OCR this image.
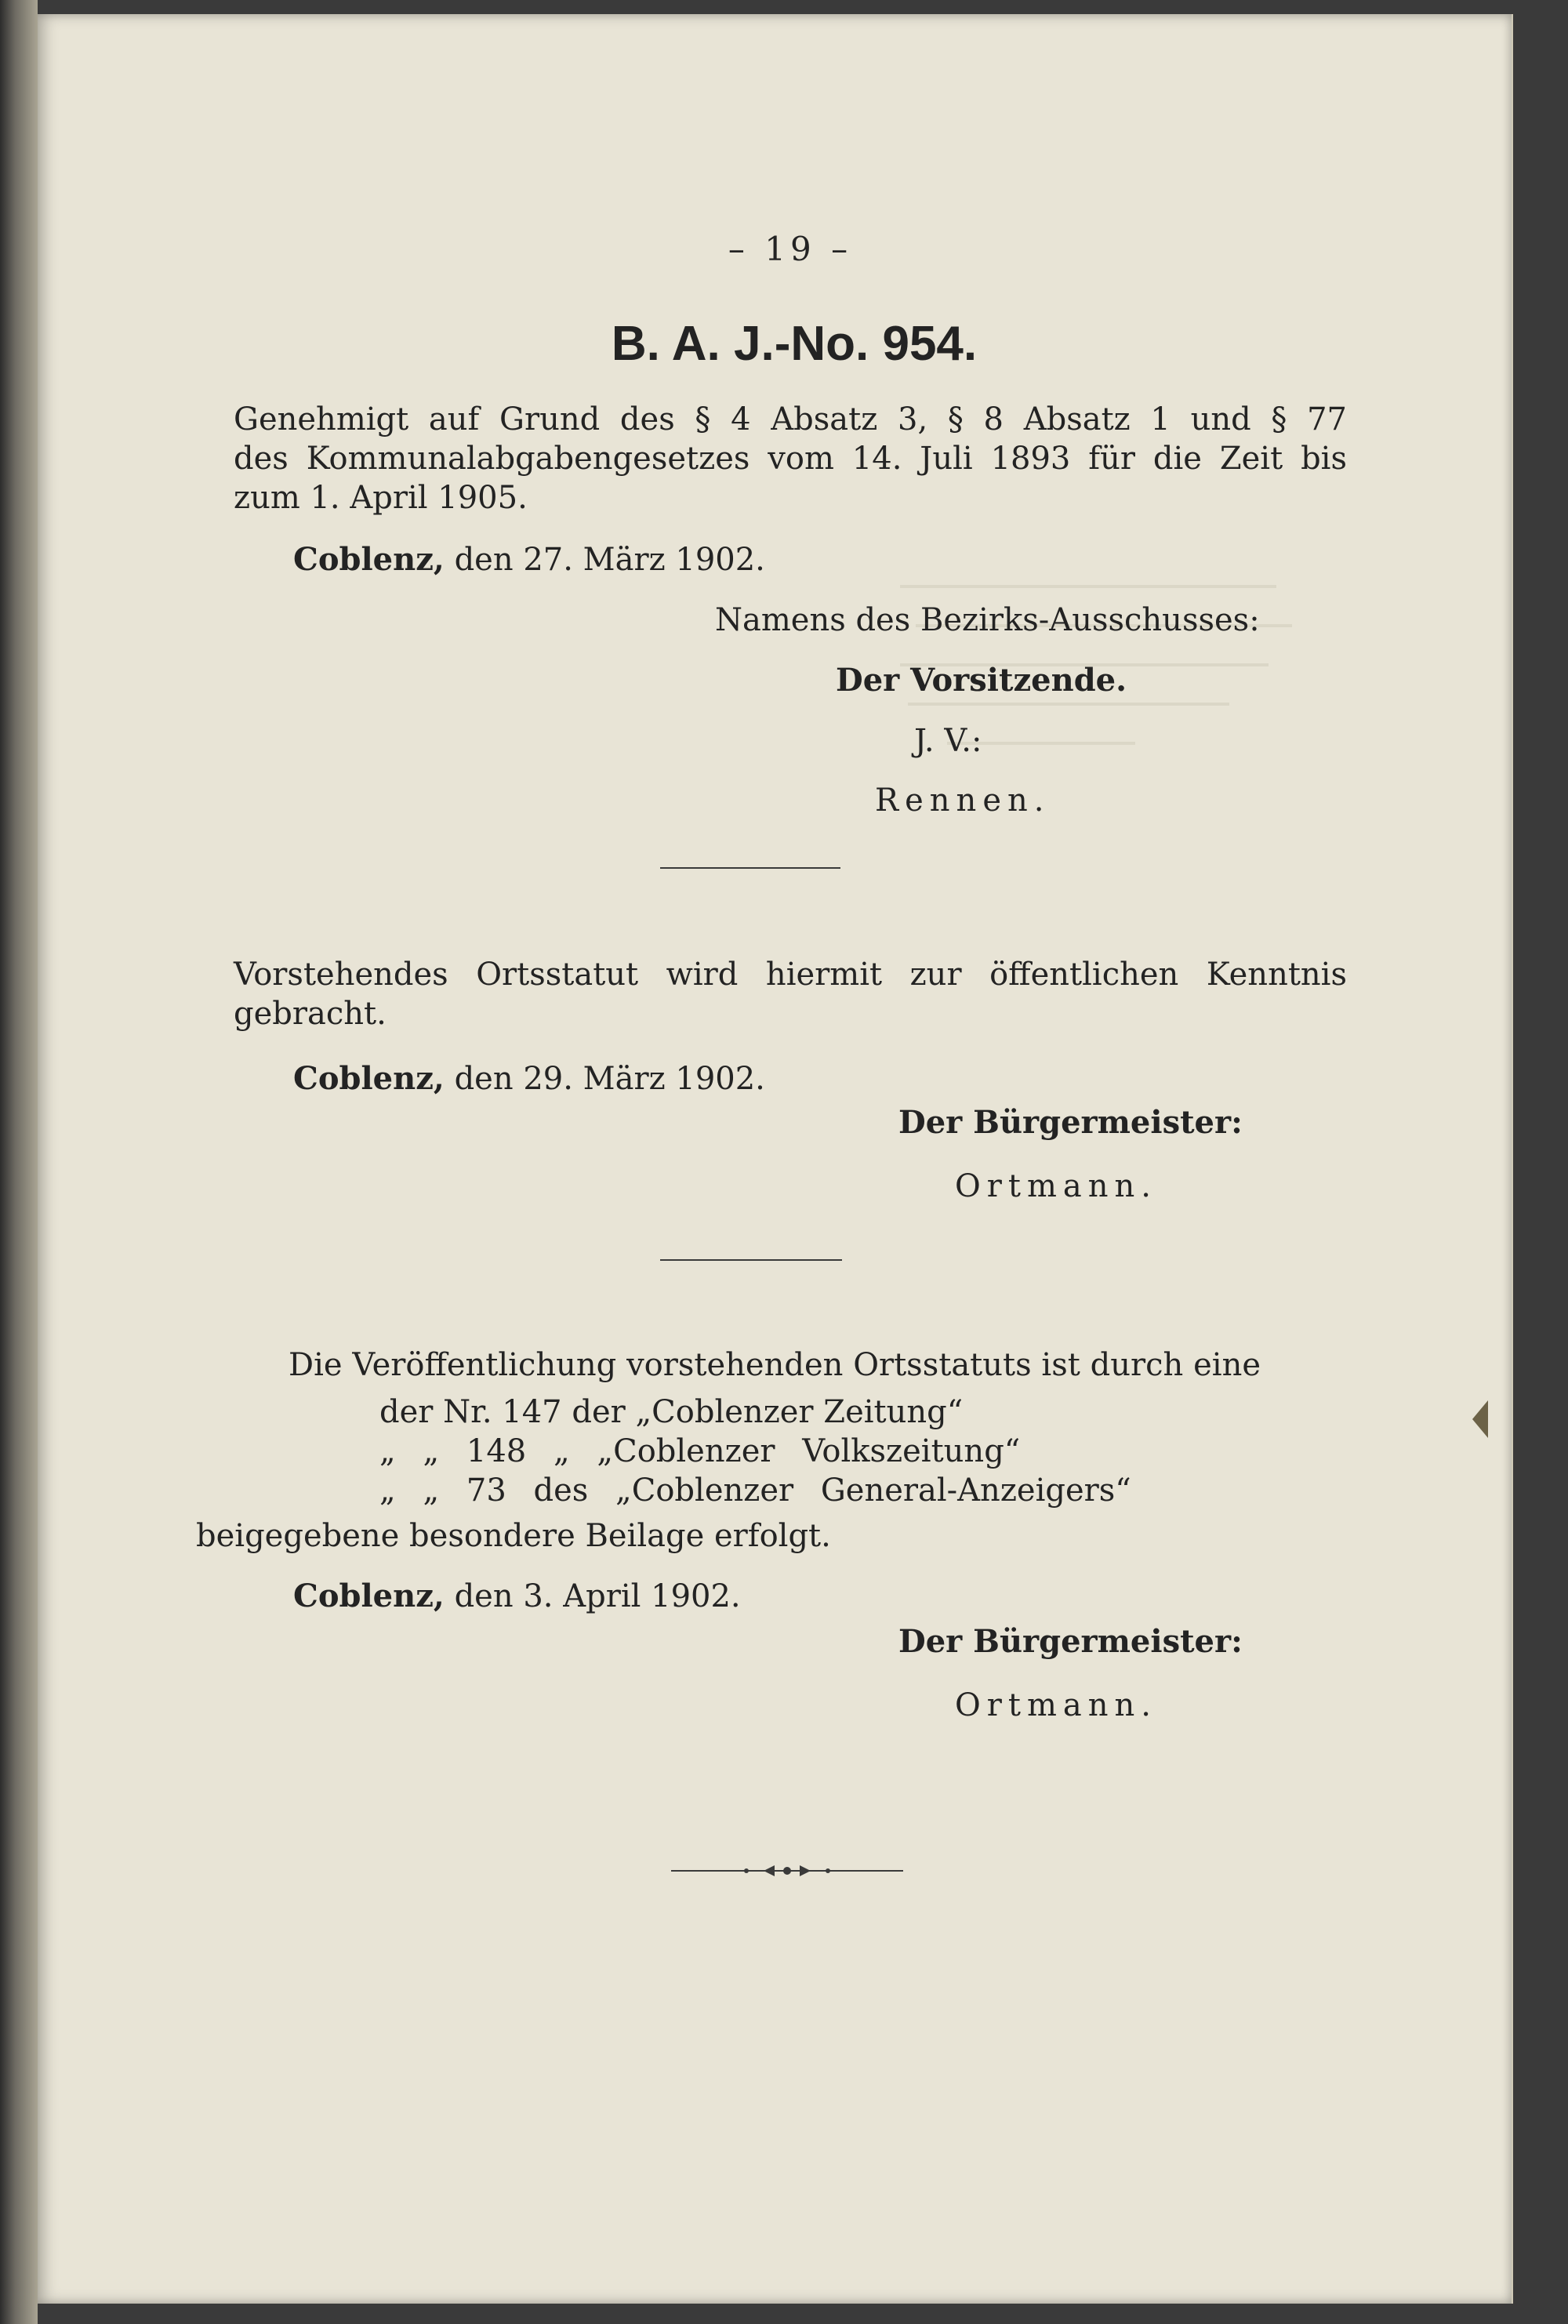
– 19 –
B. A. J.-No. 954.
Genehmigt auf Grund des § 4 Absatz 3, § 8 Absatz 1 und § 77
des Kommunalabgabengesetzes vom 14. Juli 1893 für die Zeit bis
zum 1. April 1905.
Coblenz, den 27. März 1902.
Namens des Bezirks-Ausschusses:
Der Vorsitzende.
J. V.:
Rennen.
Vorstehendes Ortsstatut wird hiermit zur öffentlichen Kenntnis
gebracht.
Coblenz, den 29. März 1902.
Der Bürgermeister:
Ortmann.
Die Veröffentlichung vorstehenden Ortsstatuts ist durch eine
der Nr. 147 der „Coblenzer Zeitung“
„ „ 148 „ „Coblenzer Volkszeitung“
„ „ 73 des „Coblenzer General-Anzeigers“
beigegebene besondere Beilage erfolgt.
Coblenz, den 3. April 1902.
Der Bürgermeister:
Ortmann.
